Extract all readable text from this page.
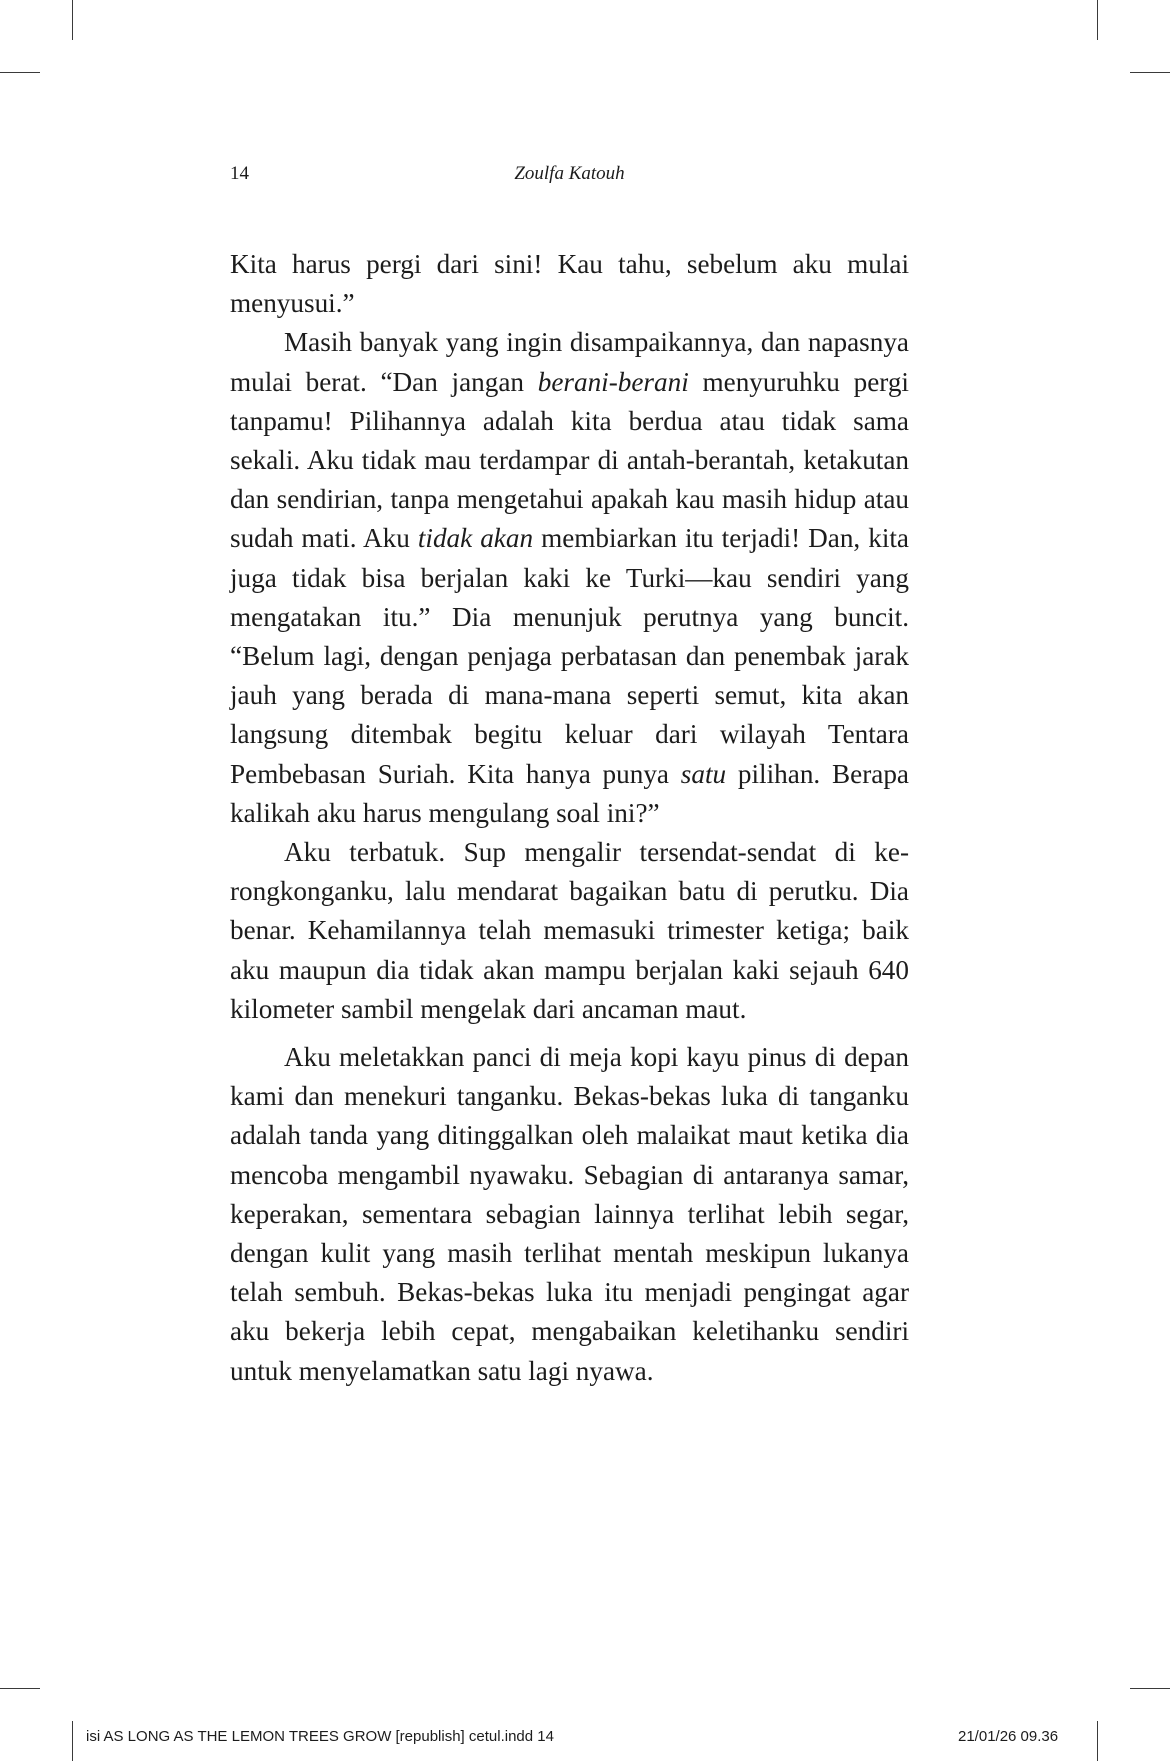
14	Zoulfa Katouh

Kita harus pergi dari sini! Kau tahu, sebelum aku mulai menyusui.”

Masih banyak yang ingin disampaikannya, dan napasnya mulai berat. “Dan jangan berani-berani menyuruhku pergi tanpamu! Pilihannya adalah kita berdua atau tidak sama sekali. Aku tidak mau terdampar di antah-berantah, ketakutan dan sendirian, tanpa mengetahui apakah kau masih hidup atau sudah mati. Aku tidak akan membiarkan itu terjadi! Dan, kita juga tidak bisa berjalan kaki ke Turki—kau sendiri yang mengatakan itu.” Dia menunjuk perutnya yang buncit. “Belum lagi, dengan penjaga perbatasan dan penembak jarak jauh yang berada di mana-mana seperti semut, kita akan langsung ditembak begitu keluar dari wilayah Tentara Pembebasan Suriah. Kita hanya punya satu pilihan. Berapa kalikah aku harus mengulang soal ini?”

Aku terbatuk. Sup mengalir tersendat-sendat di kerongkonganku, lalu mendarat bagaikan batu di perutku. Dia benar. Kehamilannya telah memasuki trimester ketiga; baik aku maupun dia tidak akan mampu berjalan kaki sejauh 640 kilometer sambil mengelak dari ancaman maut.

Aku meletakkan panci di meja kopi kayu pinus di depan kami dan menekuri tanganku. Bekas-bekas luka di tanganku adalah tanda yang ditinggalkan oleh malaikat maut ketika dia mencoba mengambil nyawaku. Sebagian di antaranya samar, keperakan, sementara sebagian lainnya terlihat lebih segar, dengan kulit yang masih terlihat mentah meskipun lukanya telah sembuh. Bekas-bekas luka itu menjadi pengingat agar aku bekerja lebih cepat, mengabaikan keletihanku sendiri untuk menyelamatkan satu lagi nyawa.

isi AS LONG AS THE LEMON TREES GROW [republish] cetul.indd 14	21/01/26 09.36
